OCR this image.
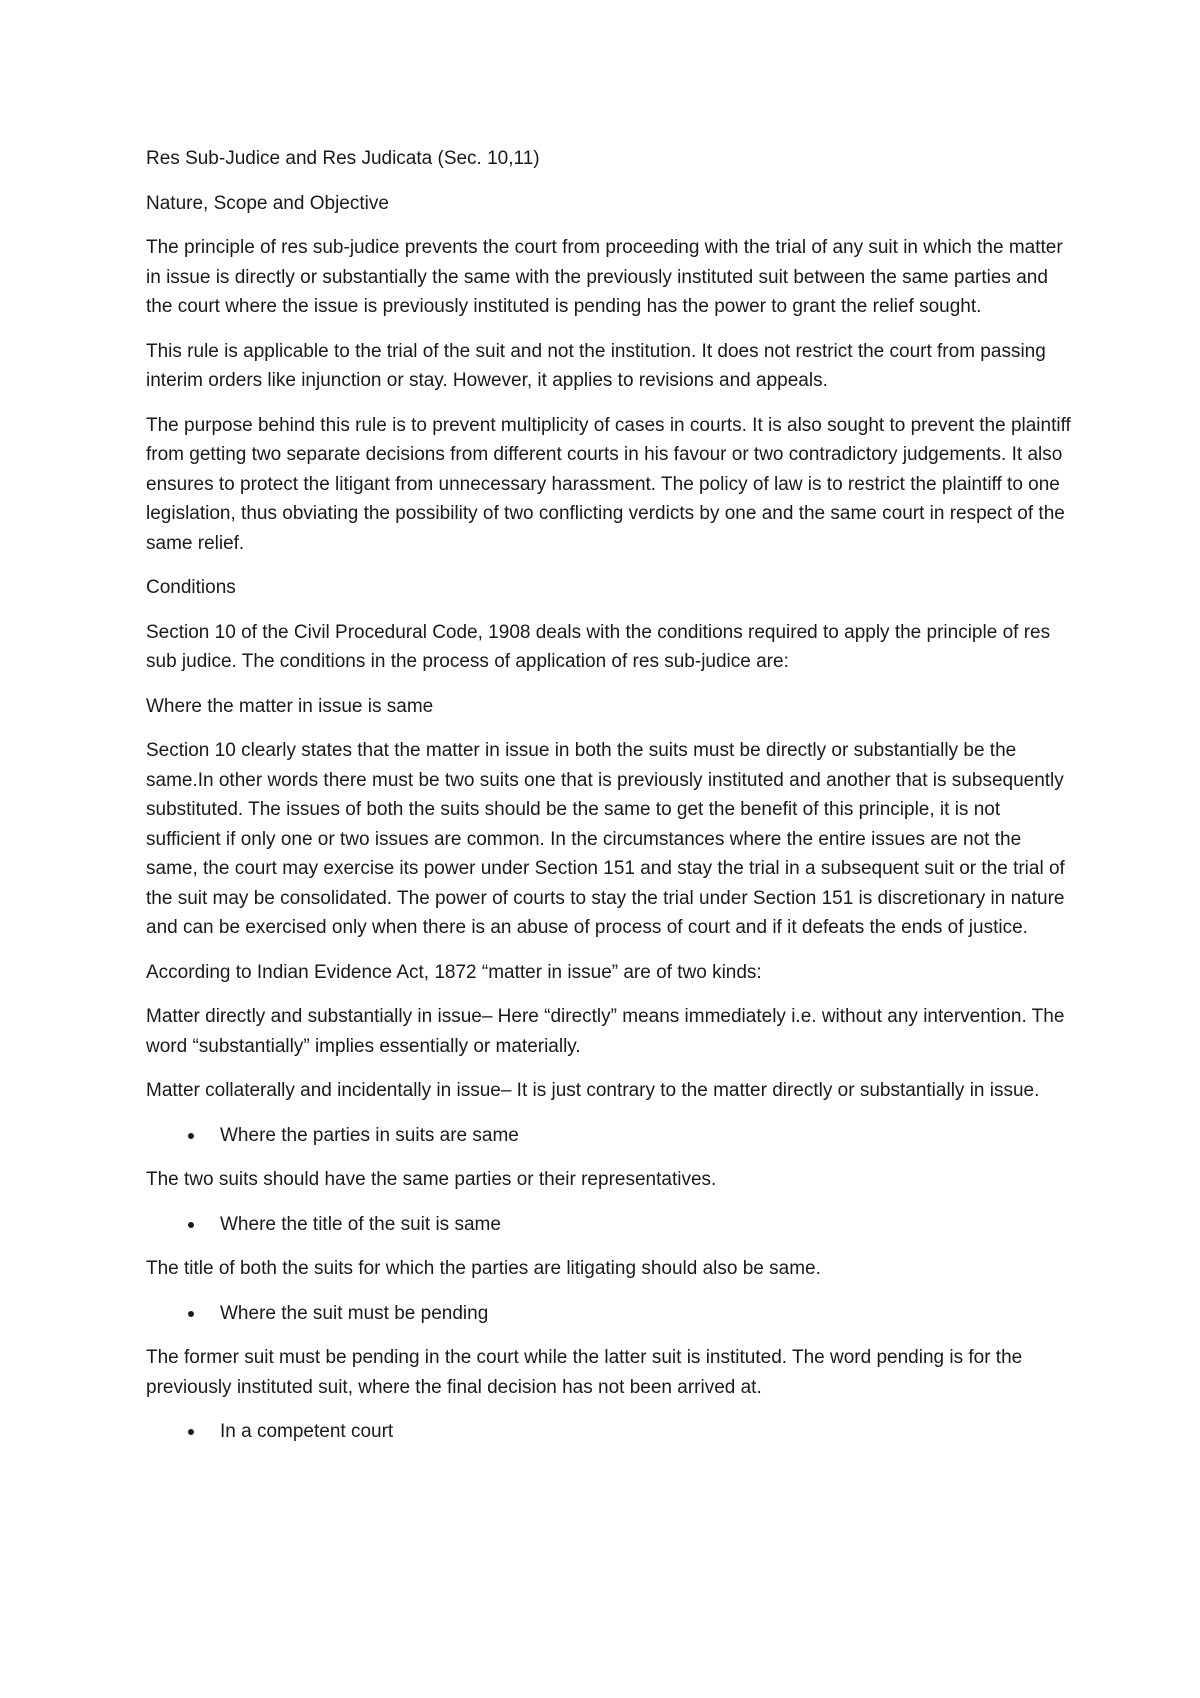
Res Sub-Judice and Res Judicata (Sec. 10,11)

Nature, Scope and Objective

The principle of res sub-judice prevents the court from proceeding with the trial of any suit in which the matter in issue is directly or substantially the same with the previously instituted suit between the same parties and the court where the issue is previously instituted is pending has the power to grant the relief sought.

This rule is applicable to the trial of the suit and not the institution. It does not restrict the court from passing interim orders like injunction or stay. However, it applies to revisions and appeals.

The purpose behind this rule is to prevent multiplicity of cases in courts. It is also sought to prevent the plaintiff from getting two separate decisions from different courts in his favour or two contradictory judgements. It also ensures to protect the litigant from unnecessary harassment. The policy of law is to restrict the plaintiff to one legislation, thus obviating the possibility of two conflicting verdicts by one and the same court in respect of the same relief.

Conditions

Section 10 of the Civil Procedural Code, 1908 deals with the conditions required to apply the principle of res sub judice. The conditions in the process of application of res sub-judice are:

Where the matter in issue is same

Section 10 clearly states that the matter in issue in both the suits must be directly or substantially be the same.In other words there must be two suits one that is previously instituted and another that is subsequently substituted. The issues of both the suits should be the same to get the benefit of this principle, it is not sufficient if only one or two issues are common. In the circumstances where the entire issues are not the same, the court may exercise its power under Section 151 and stay the trial in a subsequent suit or the trial of the suit may be consolidated. The power of courts to stay the trial under Section 151 is discretionary in nature and can be exercised only when there is an abuse of process of court and if it defeats the ends of justice.

According to Indian Evidence Act, 1872 “matter in issue” are of two kinds:

Matter directly and substantially in issue– Here “directly” means immediately i.e. without any intervention. The word “substantially” implies essentially or materially.

Matter collaterally and incidentally in issue– It is just contrary to the matter directly or substantially in issue.

Where the parties in suits are same

The two suits should have the same parties or their representatives.

Where the title of the suit is same

The title of both the suits for which the parties are litigating should also be same.

Where the suit must be pending

The former suit must be pending in the court while the latter suit is instituted. The word pending is for the previously instituted suit, where the final decision has not been arrived at.

In a competent court
